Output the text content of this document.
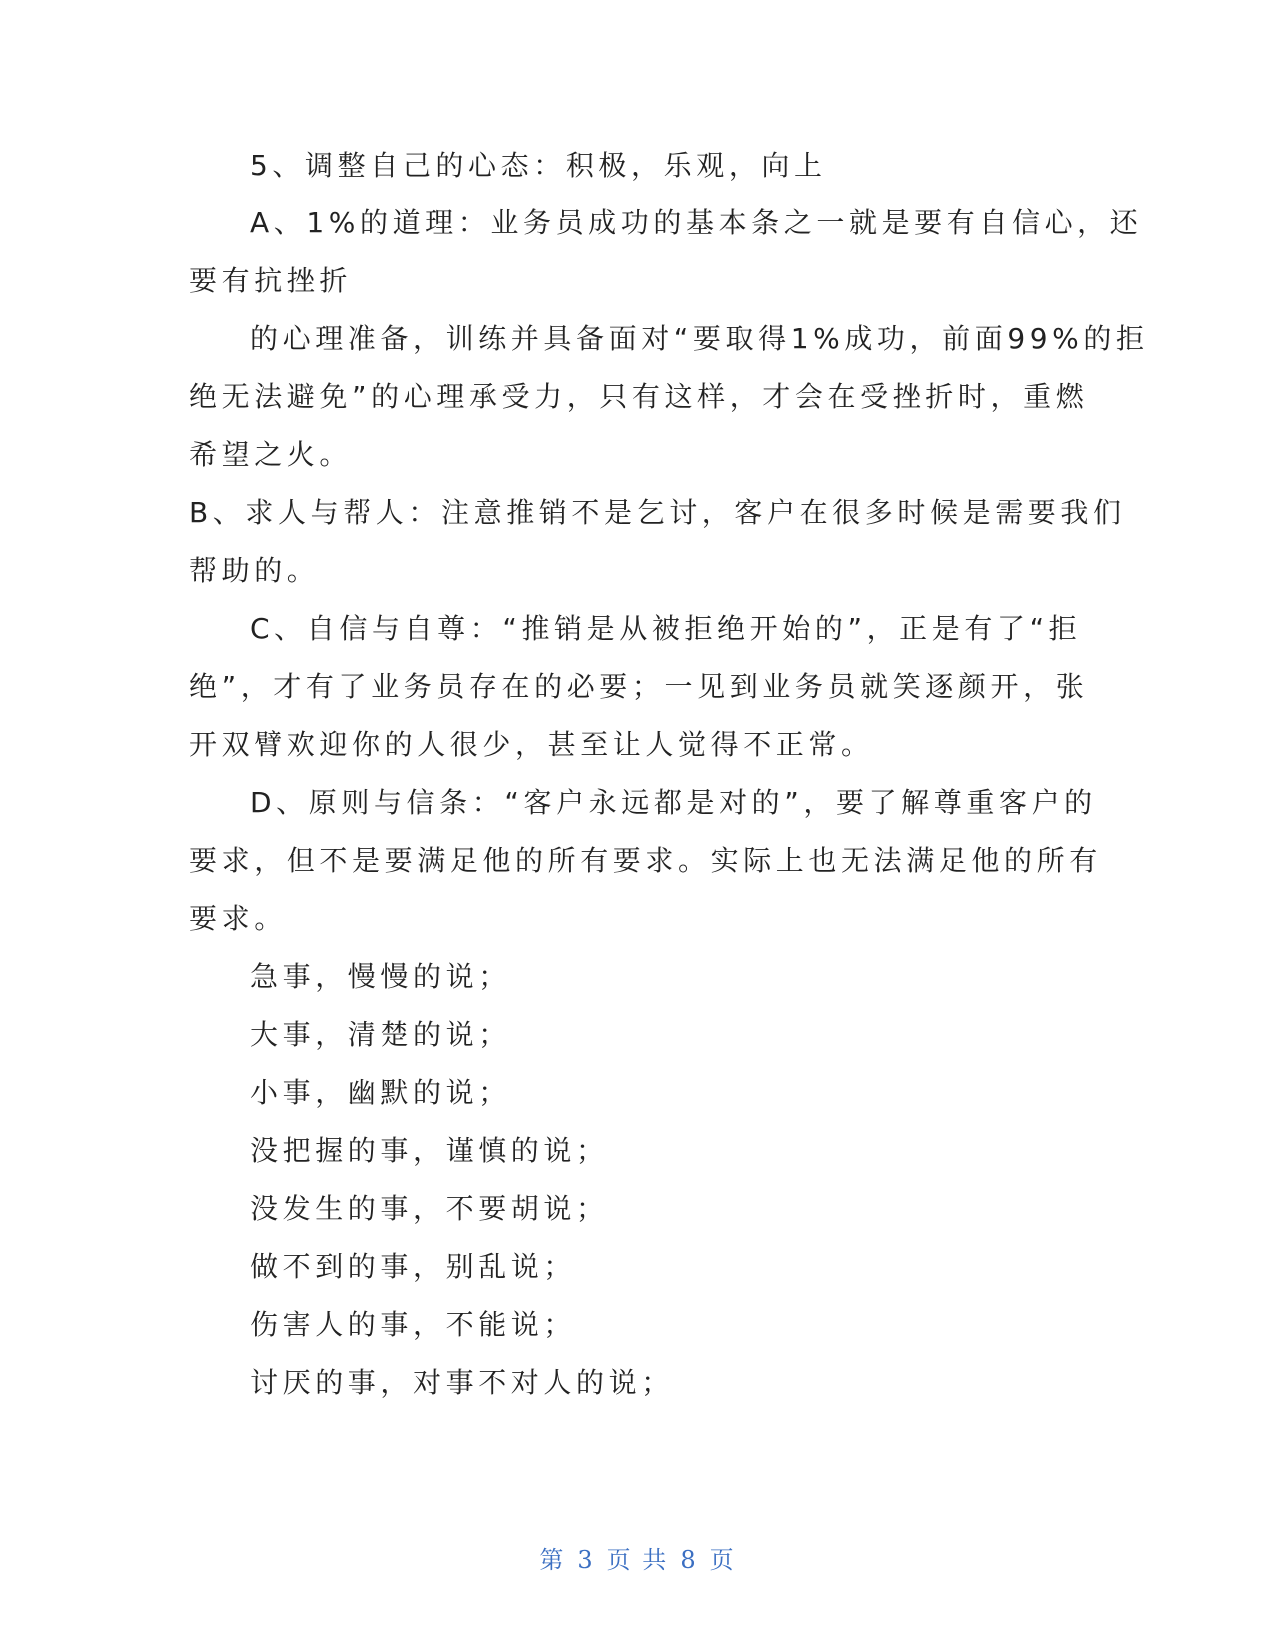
5、调整自己的心态：积极，乐观，向上
A、1%的道理：业务员成功的基本条之一就是要有自信心，还
要有抗挫折
的心理准备，训练并具备面对“要取得1%成功，前面99%的拒
绝无法避免”的心理承受力，只有这样，才会在受挫折时，重燃
希望之火。
B、求人与帮人：注意推销不是乞讨，客户在很多时候是需要我们
帮助的。
C、自信与自尊：“推销是从被拒绝开始的”，正是有了“拒
绝”，才有了业务员存在的必要；一见到业务员就笑逐颜开，张
开双臂欢迎你的人很少，甚至让人觉得不正常。
D、原则与信条：“客户永远都是对的”，要了解尊重客户的
要求，但不是要满足他的所有要求。实际上也无法满足他的所有
要求。
急事，慢慢的说；
大事，清楚的说；
小事，幽默的说；
没把握的事，谨慎的说；
没发生的事，不要胡说；
做不到的事，别乱说；
伤害人的事，不能说；
讨厌的事，对事不对人的说；
第 3 页 共 8 页
